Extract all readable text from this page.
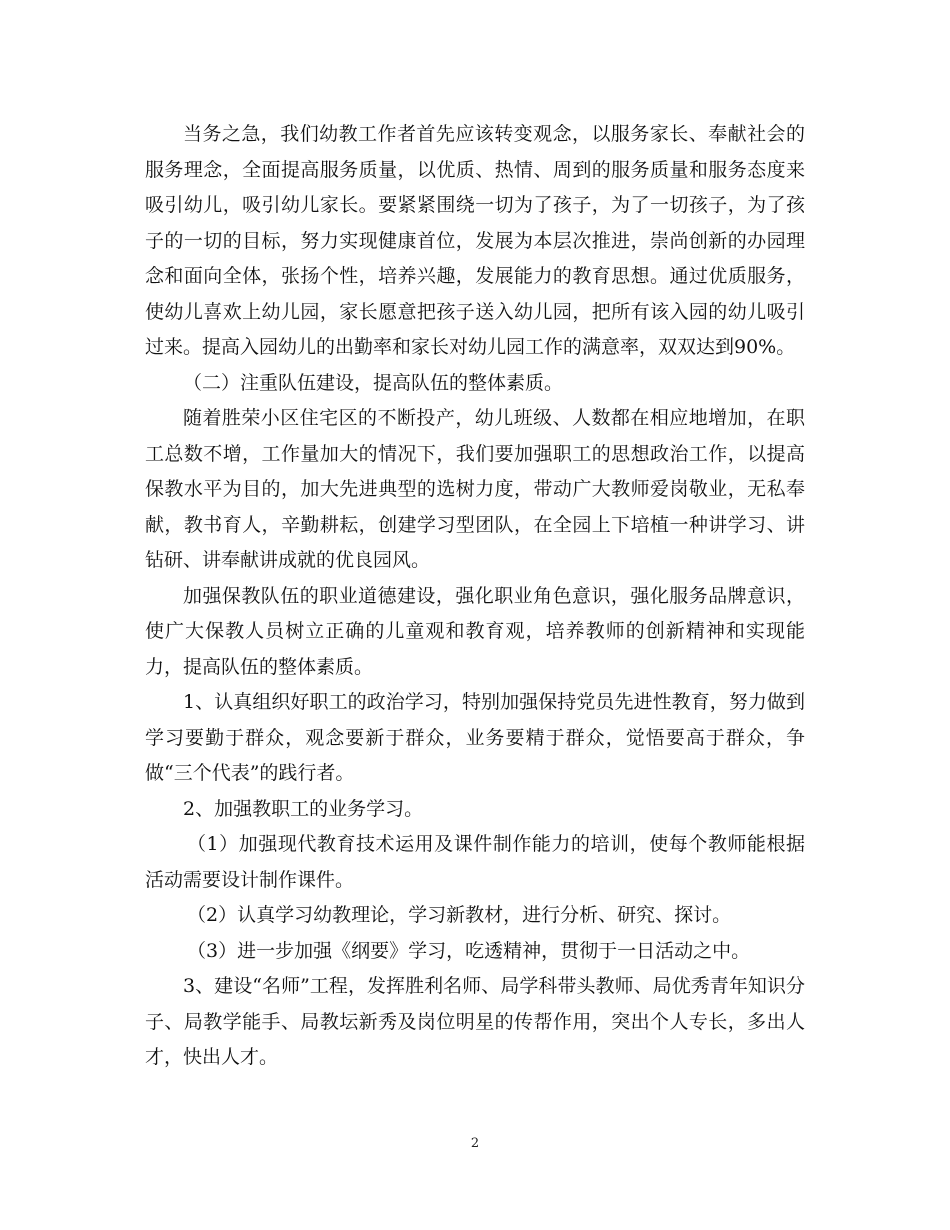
当务之急，我们幼教工作者首先应该转变观念，以服务家长、奉献社会的服务理念，全面提高服务质量，以优质、热情、周到的服务质量和服务态度来吸引幼儿，吸引幼儿家长。要紧紧围绕一切为了孩子，为了一切孩子，为了孩子的一切的目标，努力实现健康首位，发展为本层次推进，崇尚创新的办园理念和面向全体，张扬个性，培养兴趣，发展能力的教育思想。通过优质服务，使幼儿喜欢上幼儿园，家长愿意把孩子送入幼儿园，把所有该入园的幼儿吸引过来。提高入园幼儿的出勤率和家长对幼儿园工作的满意率，双双达到90%。

（二）注重队伍建设，提高队伍的整体素质。

随着胜荣小区住宅区的不断投产，幼儿班级、人数都在相应地增加，在职工总数不增，工作量加大的情况下，我们要加强职工的思想政治工作，以提高保教水平为目的，加大先进典型的选树力度，带动广大教师爱岗敬业，无私奉献，教书育人，辛勤耕耘，创建学习型团队，在全园上下培植一种讲学习、讲钻研、讲奉献讲成就的优良园风。

加强保教队伍的职业道德建设，强化职业角色意识，强化服务品牌意识，使广大保教人员树立正确的儿童观和教育观，培养教师的创新精神和实现能力，提高队伍的整体素质。

1、认真组织好职工的政治学习，特别加强保持党员先进性教育，努力做到学习要勤于群众，观念要新于群众，业务要精于群众，觉悟要高于群众，争做“三个代表”的践行者。

2、加强教职工的业务学习。

（1）加强现代教育技术运用及课件制作能力的培训，使每个教师能根据活动需要设计制作课件。

（2）认真学习幼教理论，学习新教材，进行分析、研究、探讨。

（3）进一步加强《纲要》学习，吃透精神，贯彻于一日活动之中。

3、建设“名师”工程，发挥胜利名师、局学科带头教师、局优秀青年知识分子、局教学能手、局教坛新秀及岗位明星的传帮作用，突出个人专长，多出人才，快出人才。

2
